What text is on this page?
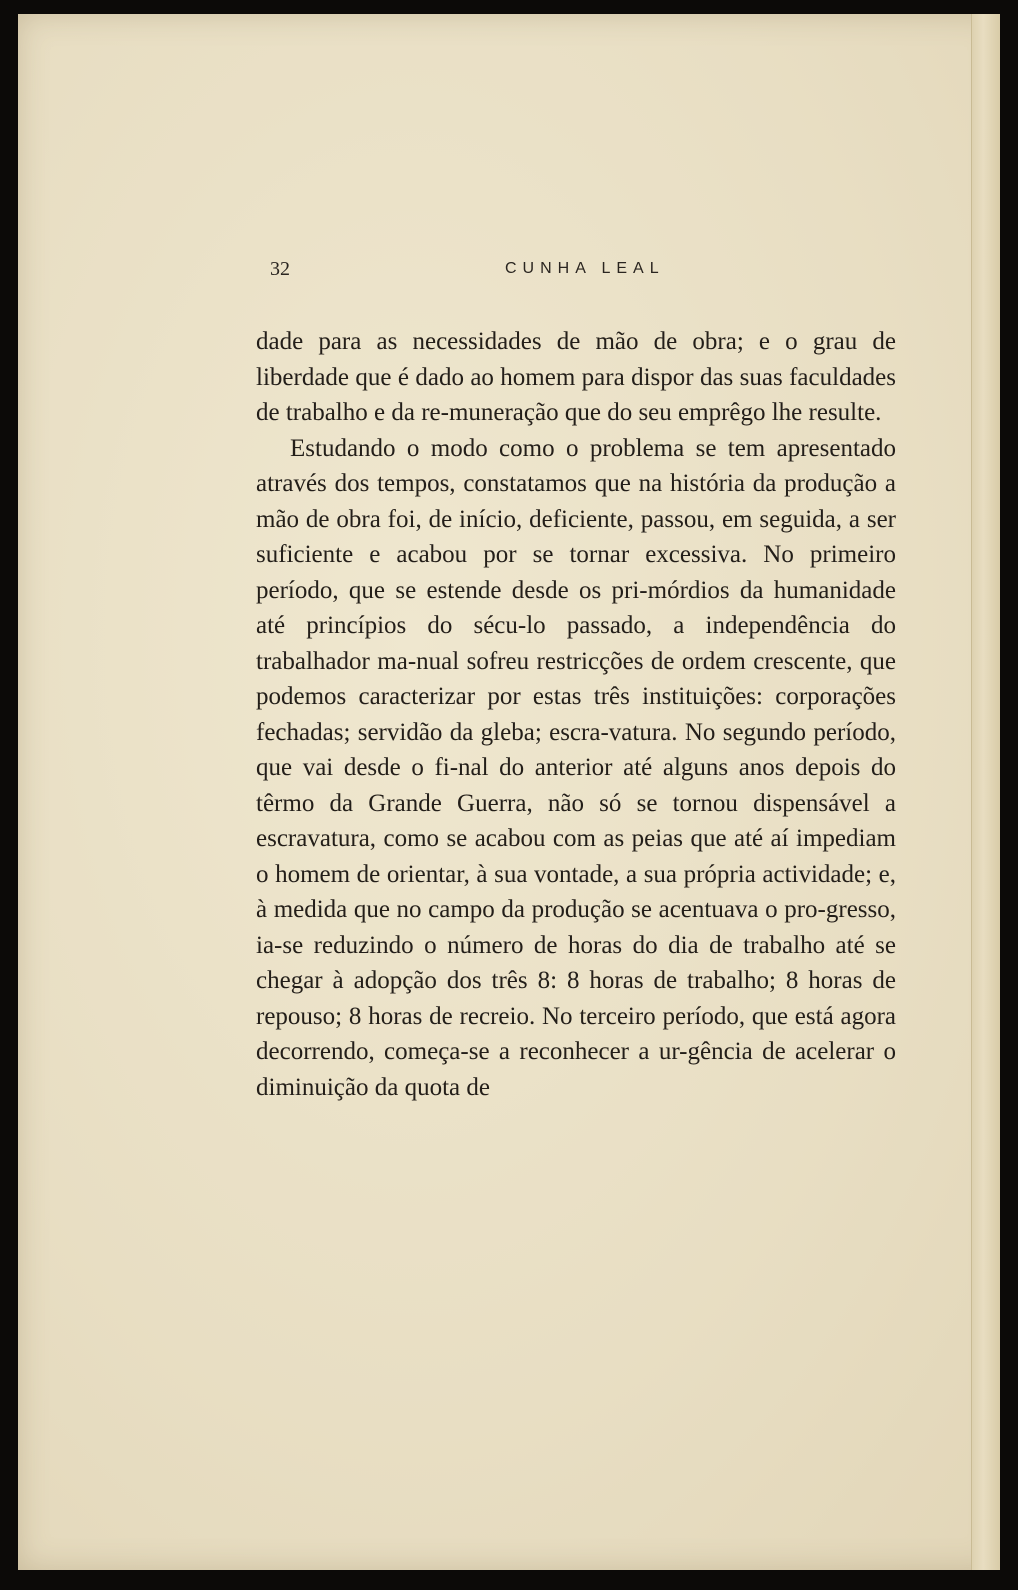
32	CUNHA LEAL

dade para as necessidades de mão de obra; e o grau de liberdade que é dado ao homem para dispor das suas faculdades de trabalho e da re-muneração que do seu emprêgo lhe resulte.

Estudando o modo como o problema se tem apresentado através dos tempos, constatamos que na história da produção a mão de obra foi, de início, deficiente, passou, em seguida, a ser suficiente e acabou por se tornar excessiva. No primeiro período, que se estende desde os pri-mórdios da humanidade até princípios do sécu-lo passado, a independência do trabalhador ma-nual sofreu restricções de ordem crescente, que podemos caracterizar por estas três instituições: corporações fechadas; servidão da gleba; escra-vatura. No segundo período, que vai desde o fi-nal do anterior até alguns anos depois do têrmo da Grande Guerra, não só se tornou dispensável a escravatura, como se acabou com as peias que até aí impediam o homem de orientar, à sua vontade, a sua própria actividade; e, à medida que no campo da produção se acentuava o pro-gresso, ia-se reduzindo o número de horas do dia de trabalho até se chegar à adopção dos três 8: 8 horas de trabalho; 8 horas de repouso; 8 horas de recreio. No terceiro período, que está agora decorrendo, começa-se a reconhecer a ur-gência de acelerar o diminuição da quota de
